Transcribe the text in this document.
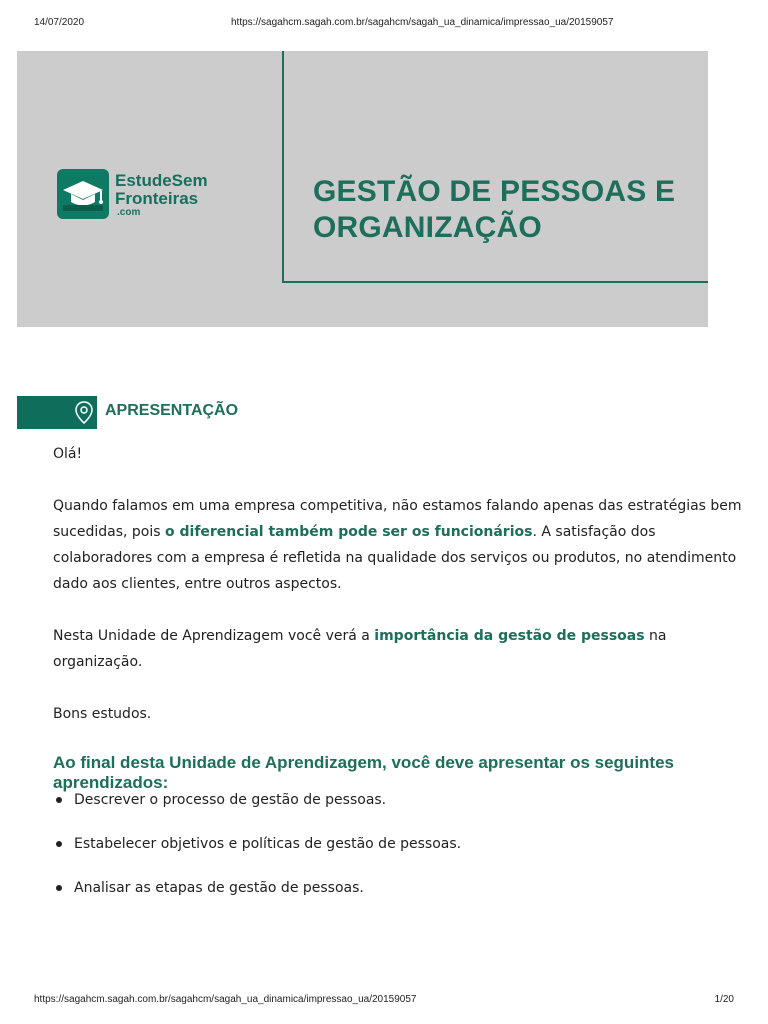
14/07/2020	https://sagahcm.sagah.com.br/sagahcm/sagah_ua_dinamica/impressao_ua/20159057
EstudeSem
Fronteiras
.com
GESTÃO DE PESSOAS E ORGANIZAÇÃO
APRESENTAÇÃO

Olá!

Quando falamos em uma empresa competitiva, não estamos falando apenas das estratégias bem sucedidas, pois o diferencial também pode ser os funcionários. A satisfação dos colaboradores com a empresa é refletida na qualidade dos serviços ou produtos, no atendimento dado aos clientes, entre outros aspectos.

Nesta Unidade de Aprendizagem você verá a importância da gestão de pessoas na organização.

Bons estudos.

Ao final desta Unidade de Aprendizagem, você deve apresentar os seguintes aprendizados:
Descrever o processo de gestão de pessoas.
Estabelecer objetivos e políticas de gestão de pessoas.
Analisar as etapas de gestão de pessoas.
https://sagahcm.sagah.com.br/sagahcm/sagah_ua_dinamica/impressao_ua/20159057	1/20
